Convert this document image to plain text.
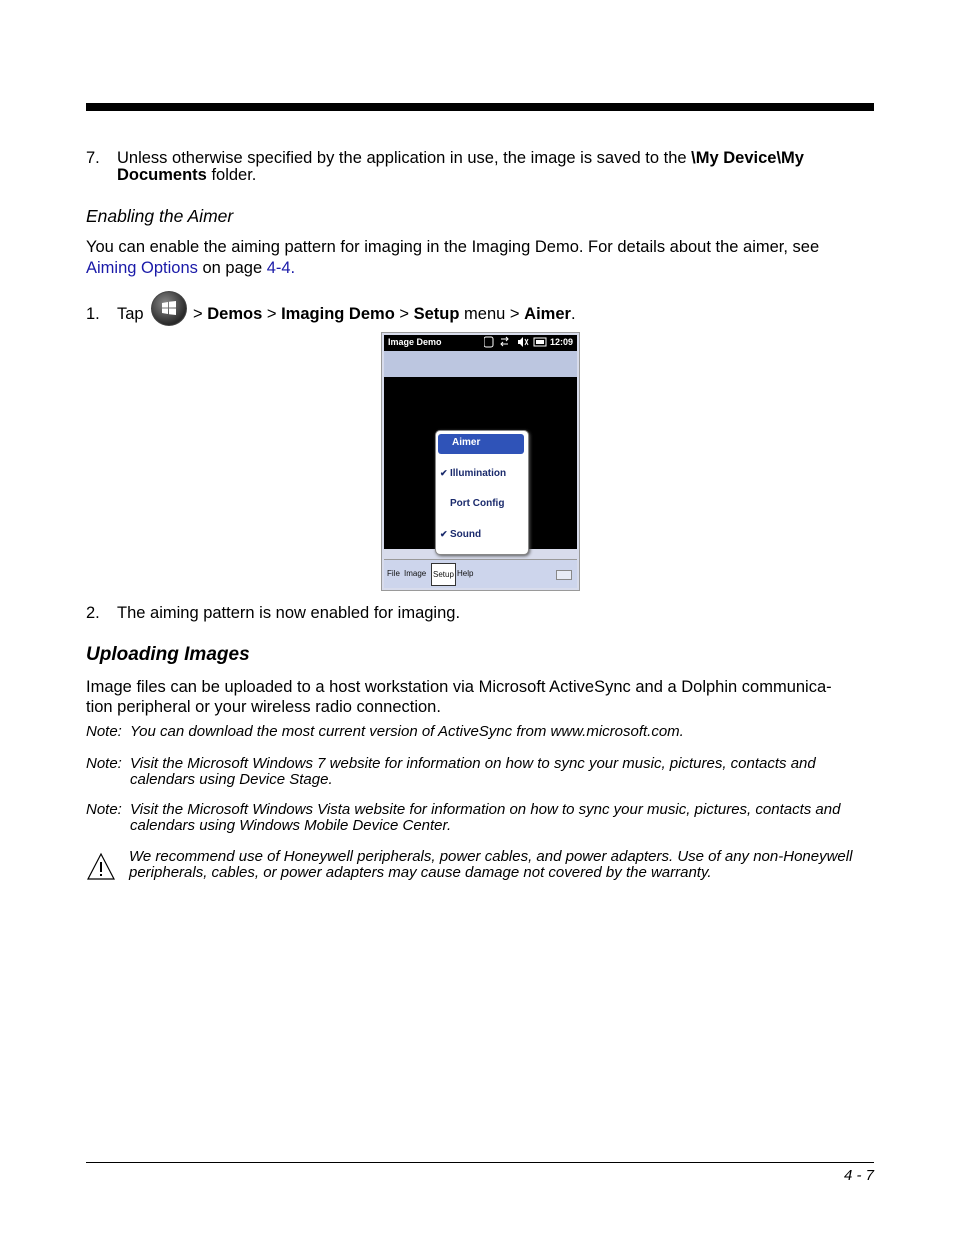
7.	Unless otherwise specified by the application in use, the image is saved to the \My Device\My
Documents folder.
Enabling the Aimer
You can enable the aiming pattern for imaging in the Imaging Demo. For details about the aimer, see
Aiming Options on page 4-4.
1.	Tap	> Demos > Imaging Demo > Setup menu > Aimer.
Image Demo	12:09
Aimer
✔ Illumination
Port Config
✔ Sound
File Image Setup Help
2.	The aiming pattern is now enabled for imaging.
Uploading Images
Image files can be uploaded to a host workstation via Microsoft ActiveSync and a Dolphin communica-
tion peripheral or your wireless radio connection.
Note: You can download the most current version of ActiveSync from www.microsoft.com.
Note: Visit the Microsoft Windows 7 website for information on how to sync your music, pictures, contacts and
calendars using Device Stage.
Note: Visit the Microsoft Windows Vista website for information on how to sync your music, pictures, contacts and
calendars using Windows Mobile Device Center.
We recommend use of Honeywell peripherals, power cables, and power adapters. Use of any non-Honeywell
peripherals, cables, or power adapters may cause damage not covered by the warranty.
4 - 7
